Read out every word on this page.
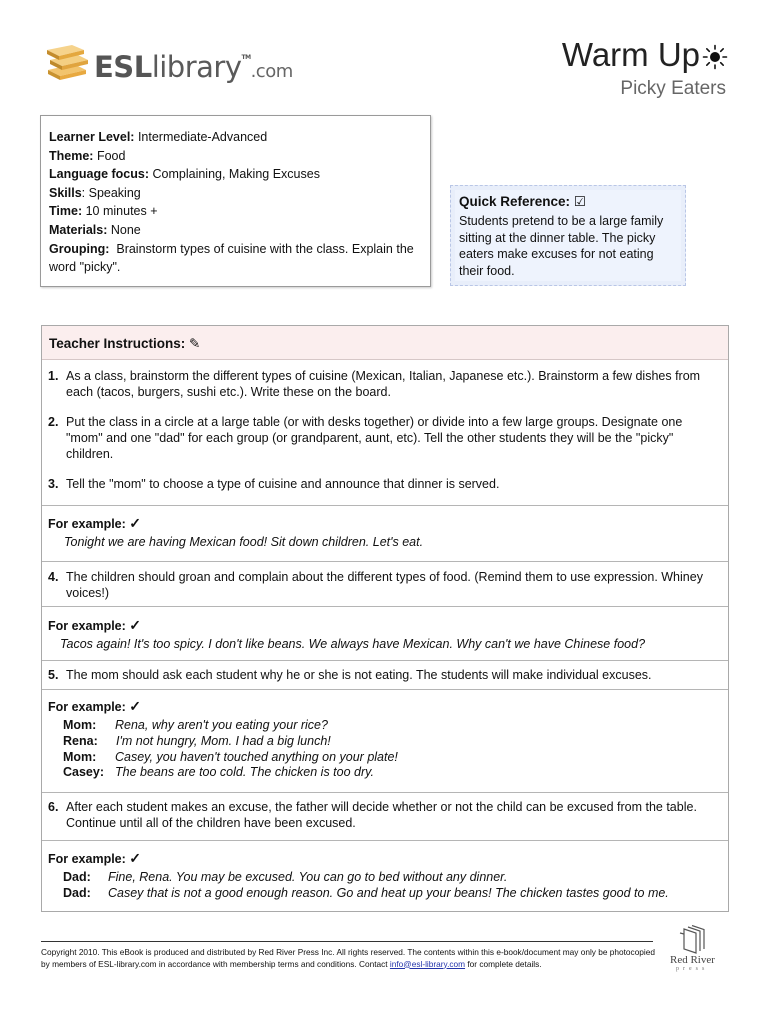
ESLlibrary™.com	Warm Up
Picky Eaters
Learner Level: Intermediate-Advanced
Theme: Food
Language focus: Complaining, Making Excuses
Skills: Speaking
Time: 10 minutes +
Materials: None
Grouping: Brainstorm types of cuisine with the class. Explain the word "picky".
Quick Reference: ☑
Students pretend to be a large family sitting at the dinner table. The picky eaters make excuses for not eating their food.
Teacher Instructions: ✎
1. As a class, brainstorm the different types of cuisine (Mexican, Italian, Japanese etc.). Brainstorm a few dishes from each (tacos, burgers, sushi etc.). Write these on the board.
2. Put the class in a circle at a large table (or with desks together) or divide into a few large groups. Designate one "mom" and one "dad" for each group (or grandparent, aunt, etc). Tell the other students they will be the "picky" children.
3. Tell the "mom" to choose a type of cuisine and announce that dinner is served.
For example: ✓
Tonight we are having Mexican food! Sit down children. Let's eat.
4. The children should groan and complain about the different types of food. (Remind them to use expression. Whiney voices!)
For example: ✓
Tacos again! It's too spicy. I don't like beans. We always have Mexican. Why can't we have Chinese food?
5. The mom should ask each student why he or she is not eating. The students will make individual excuses.
For example: ✓
Mom: Rena, why aren't you eating your rice?
Rena: I'm not hungry, Mom. I had a big lunch!
Mom: Casey, you haven't touched anything on your plate!
Casey: The beans are too cold. The chicken is too dry.
6. After each student makes an excuse, the father will decide whether or not the child can be excused from the table. Continue until all of the children have been excused.
For example: ✓
Dad: Fine, Rena. You may be excused. You can go to bed without any dinner.
Dad: Casey that is not a good enough reason. Go and heat up your beans! The chicken tastes good to me.
Copyright 2010. This eBook is produced and distributed by Red River Press Inc. All rights reserved. The contents within this e-book/document may only be photocopied by members of ESL-library.com in accordance with membership terms and conditions. Contact info@esl-library.com for complete details.	Red River
press
